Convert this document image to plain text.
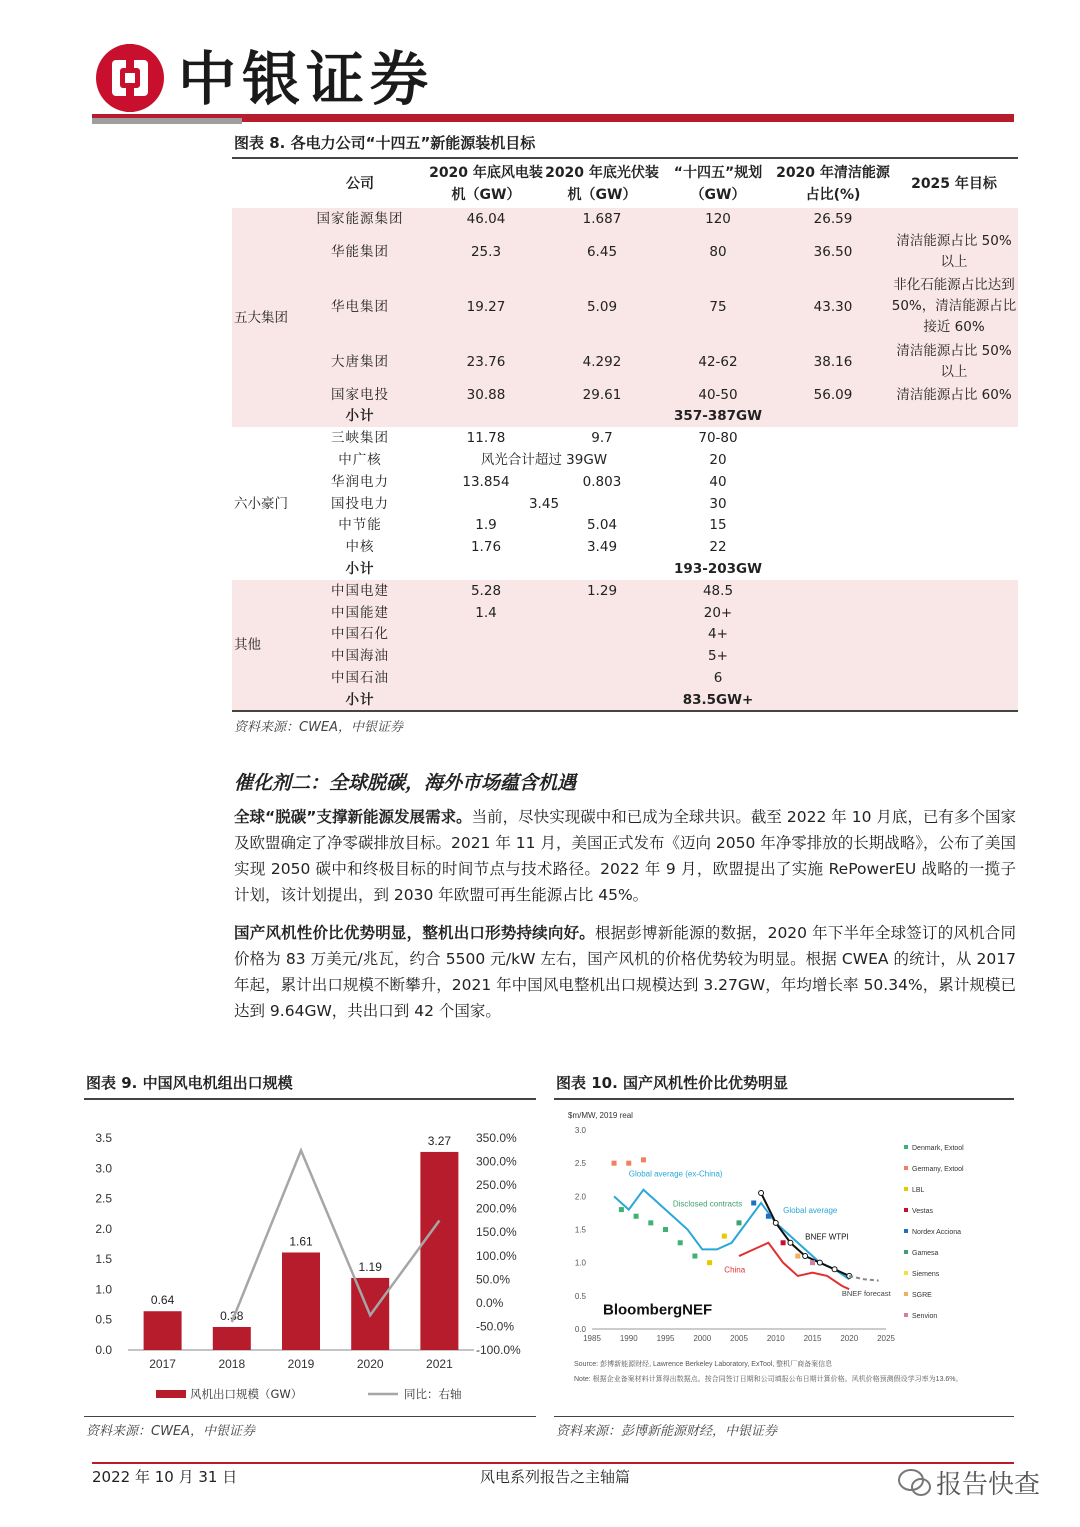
中银证券
图表 8. 各电力公司“十四五”新能源装机目标
	公司	2020 年底风电装机（GW）	2020 年底光伏装机（GW）	“十四五”规划（GW）	2020 年清洁能源占比(%)	2025 年目标
五大集团	国家能源集团	46.04	1.687	120	26.59	
	华能集团	25.3	6.45	80	36.50	清洁能源占比 50% 以上
	华电集团	19.27	5.09	75	43.30	非化石能源占比达到 50%，清洁能源占比接近 60%
	大唐集团	23.76	4.292	42-62	38.16	清洁能源占比 50% 以上
	国家电投	30.88	29.61	40-50	56.09	清洁能源占比 60%
	小计			357-387GW		
六小豪门	三峡集团	11.78	9.7	70-80		
	中广核	风光合计超过 39GW		20		
	华润电力	13.854	0.803	40		
	国投电力	3.45		30		
	中节能	1.9	5.04	15		
	中核	1.76	3.49	22		
	小计			193-203GW		
其他	中国电建	5.28	1.29	48.5		
	中国能建	1.4		20+		
	中国石化			4+		
	中国海油			5+		
	中国石油			6		
	小计			83.5GW+		
资料来源：CWEA，中银证券
催化剂二：全球脱碳，海外市场蕴含机遇
全球“脱碳”支撑新能源发展需求。当前，尽快实现碳中和已成为全球共识。截至 2022 年 10 月底，已有多个国家及欧盟确定了净零碳排放目标。2021 年 11 月，美国正式发布《迈向 2050 年净零排放的长期战略》，公布了美国实现 2050 碳中和终极目标的时间节点与技术路径。2022 年 9 月，欧盟提出了实施 RePowerEU 战略的一揽子计划，该计划提出，到 2030 年欧盟可再生能源占比 45%。
国产风机性价比优势明显，整机出口形势持续向好。根据彭博新能源的数据，2020 年下半年全球签订的风机合同价格为 83 万美元/兆瓦，约合 5500 元/kW 左右，国产风机的价格优势较为明显。根据 CWEA 的统计，从 2017 年起，累计出口规模不断攀升，2021 年中国风电整机出口规模达到 3.27GW，年均增长率 50.34%，累计规模已达到 9.64GW，共出口到 42 个国家。
图表 9. 中国风电机组出口规模
0.0
0.5
1.0
1.5
2.0
2.5
3.0
3.5
-100.0%
-50.0%
0.0%
50.0%
100.0%
150.0%
200.0%
250.0%
300.0%
350.0%
0.64
0.38
1.61
1.19
3.27
2017	2018	2019	2020	2021
风机出口规模（GW）	同比：右轴
资料来源：CWEA，中银证券
图表 10. 国产风机性价比优势明显
$m/MW, 2019 real
0.0
0.5
1.0
1.5
2.0
2.5
3.0
1985 1990 1995 2000 2005 2010 2015 2020 2025
Global average (ex-China)
Disclosed contracts
Global average
BNEF WTPI
China
BNEF forecast
BloombergNEF
Denmark, Extool
Germany, Extool
LBL
Vestas
Nordex Acciona
Gamesa
Siemens
SGRE
Senvion
Source: 彭博新能源财经, Lawrence Berkeley Laboratory, ExTool, 整机厂商备案信息
Note: 根据企业备案材料计算得出数据点。按合同签订日期和公司填报公布日期计算价格。风机价格预测假设学习率为13.6%。
资料来源：彭博新能源财经，中银证券
2022 年 10 月 31 日	风电系列报告之主轴篇	报告快查
